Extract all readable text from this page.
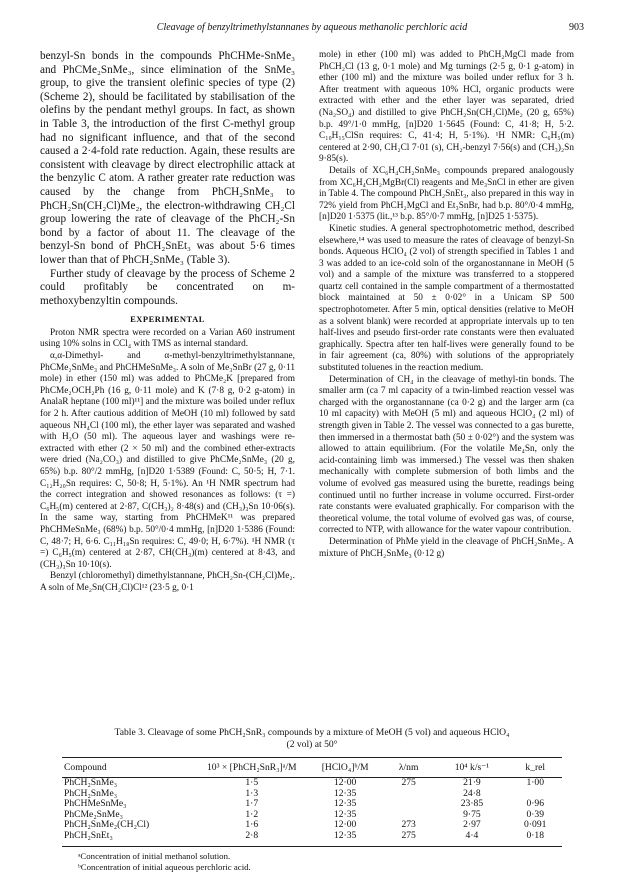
Cleavage of benzyltrimethylstannanes by aqueous methanolic perchloric acid	903

benzyl-Sn bonds in the compounds PhCHMe-SnMe₃ and PhCMe₂SnMe₃, since elimination of the SnMe₃ group, to give the transient olefinic species of type (2) (Scheme 2), should be facilitated by stabilisation of the olefins by the pendant methyl groups. In fact, as shown in Table 3, the introduction of the first C-methyl group had no significant influence, and that of the second caused a 2·4-fold rate reduction. Again, these results are consistent with cleavage by direct electrophilic attack at the benzylic C atom. A rather greater rate reduction was caused by the change from PhCH₂SnMe₃ to PhCH₂Sn(CH₂Cl)Me₂, the electron-withdrawing CH₂Cl group lowering the rate of cleavage of the PhCH₂-Sn bond by a factor of about 11. The cleavage of the benzyl-Sn bond of PhCH₂SnEt₃ was about 5·6 times lower than that of PhCH₂SnMe₃ (Table 3).

Further study of cleavage by the process of Scheme 2 could profitably be concentrated on m-methoxybenzyltin compounds.

EXPERIMENTAL

Proton NMR spectra were recorded on a Varian A60 instrument using 10% solns in CCl₄ with TMS as internal standard.

α,α-Dimethyl- and α-methyl-benzyltrimethylstannane, PhCMe₂SnMe₃ and PhCHMeSnMe₃. A soln of Me₃SnBr (27 g, 0·11 mole) in ether (150 ml) was added to PhCMe₂K [prepared from PhCMe₂OCH₂Ph (16 g, 0·11 mole) and K (7·8 g, 0·2 g-atom) in AnalaR heptane (100 ml)¹¹] and the mixture was boiled under reflux for 2 h. After cautious addition of MeOH (10 ml) followed by satd aqueous NH₄Cl (100 ml), the ether layer was separated and washed with H₂O (50 ml). The aqueous layer and washings were re-extracted with ether (2 × 50 ml) and the combined ether-extracts were dried (Na₂CO₃) and distilled to give PhCMe₂SnMe₃ (20 g, 65%) b.p. 80°/2 mmHg, [n]D20 1·5389 (Found: C, 50·5; H, 7·1. C₁₂H₂₀Sn requires: C, 50·8; H, 5·1%). An ¹H NMR spectrum had the correct integration and showed resonances as follows: (τ =) C₆H₅(m) centered at 2·87, C(CH₃)₂ 8·48(s) and (CH₃)₃Sn 10·06(s). In the same way, starting from PhCHMeK¹¹ was prepared PhCHMeSnMe₃ (68%) b.p. 50°/0·4 mmHg, [n]D20 1·5386 (Found: C, 48·7; H, 6·6. C₁₁H₁₈Sn requires: C, 49·0; H, 6·7%). ¹H NMR (τ =) C₆H₅(m) centered at 2·87, CH(CH₃)(m) centered at 8·43, and (CH₃)₃Sn 10·10(s).

Benzyl (chloromethyl) dimethylstannane, PhCH₂Sn-(CH₂Cl)Me₂. A soln of Me₂Sn(CH₂Cl)Cl¹² (23·5 g, 0·1

mole) in ether (100 ml) was added to PhCH₂MgCl made from PhCH₂Cl (13 g, 0·1 mole) and Mg turnings (2·5 g, 0·1 g-atom) in ether (100 ml) and the mixture was boiled under reflux for 3 h. After treatment with aqueous 10% HCl, organic products were extracted with ether and the ether layer was separated, dried (Na₂SO₄) and distilled to give PhCH₂Sn(CH₂Cl)Me₂ (20 g, 65%) b.p. 49°/1·0 mmHg, [n]D20 1·5645 (Found: C, 41·8; H, 5·2. C₁₀H₁₅ClSn requires: C, 41·4; H, 5·1%). ¹H NMR: C₆H₅(m) centered at 2·90, CH₂Cl 7·01 (s), CH₂-benzyl 7·56(s) and (CH₃)₂Sn 9·85(s).

Details of XC₆H₄CH₂SnMe₃ compounds prepared analogously from XC₆H₄CH₂MgBr(Cl) reagents and Me₃SnCl in ether are given in Table 4. The compound PhCH₂SnEt₃, also prepared in this way in 72% yield from PhCH₂MgCl and Et₃SnBr, had b.p. 80°/0·4 mmHg, [n]D20 1·5375 (lit.,¹³ b.p. 85°/0·7 mmHg, [n]D25 1·5375).

Kinetic studies. A general spectrophotometric method, described elsewhere,¹⁴ was used to measure the rates of cleavage of benzyl-Sn bonds. Aqueous HClO₄ (2 vol) of strength specified in Tables 1 and 3 was added to an ice-cold soln of the organostannane in MeOH (5 vol) and a sample of the mixture was transferred to a stoppered quartz cell contained in the sample compartment of a thermostatted block maintained at 50 ± 0·02° in a Unicam SP 500 spectrophotometer. After 5 min, optical densities (relative to MeOH as a solvent blank) were recorded at appropriate intervals up to ten half-lives and pseudo first-order rate constants were then evaluated graphically. Spectra after ten half-lives were generally found to be in fair agreement (ca, 80%) with solutions of the appropriately substituted toluenes in the reaction medium.

Determination of CH₄ in the cleavage of methyl-tin bonds. The smaller arm (ca 7 ml capacity of a twin-limbed reaction vessel was charged with the organostannane (ca 0·2 g) and the larger arm (ca 10 ml capacity) with MeOH (5 ml) and aqueous HClO₄ (2 ml) of strength given in Table 2. The vessel was connected to a gas burette, then immersed in a thermostat bath (50 ± 0·02°) and the system was allowed to attain equilibrium. (For the volatile Me₄Sn, only the acid-containing limb was immersed.) The vessel was then shaken mechanically with complete submersion of both limbs and the volume of evolved gas measured using the burette, readings being continued until no further increase in volume occurred. First-order rate constants were evaluated graphically. For comparison with the theoretical volume, the total volume of evolved gas was, of course, corrected to NTP, with allowance for the water vapour contribution.

Determination of PhMe yield in the cleavage of PhCH₂SnMe₃. A mixture of PhCH₂SnMe₃ (0·12 g)

Table 3. Cleavage of some PhCH₂SnR₃ compounds by a mixture of MeOH (5 vol) and aqueous HClO₄
(2 vol) at 50°
Compound	10³ × [PhCH₂SnR₃]ᵃ/M	[HClO₄]ᵇ/M	λ/nm	10⁴ k/s⁻¹	k_rel
PhCH₂SnMe₃	1·5	12·00	275	21·9	1·00
PhCH₂SnMe₃	1·3	12·35		24·8	
PhCHMeSnMe₃	1·7	12·35		23·85	0·96
PhCMe₂SnMe₃	1·2	12·35		9·75	0·39
PhCH₂SnMe₂(CH₂Cl)	1·6	12·00	273	2·97	0·091
PhCH₂SnEt₃	2·8	12·35	275	4·4	0·18
ᵃConcentration of initial methanol solution.
ᵇConcentration of initial aqueous perchloric acid.
